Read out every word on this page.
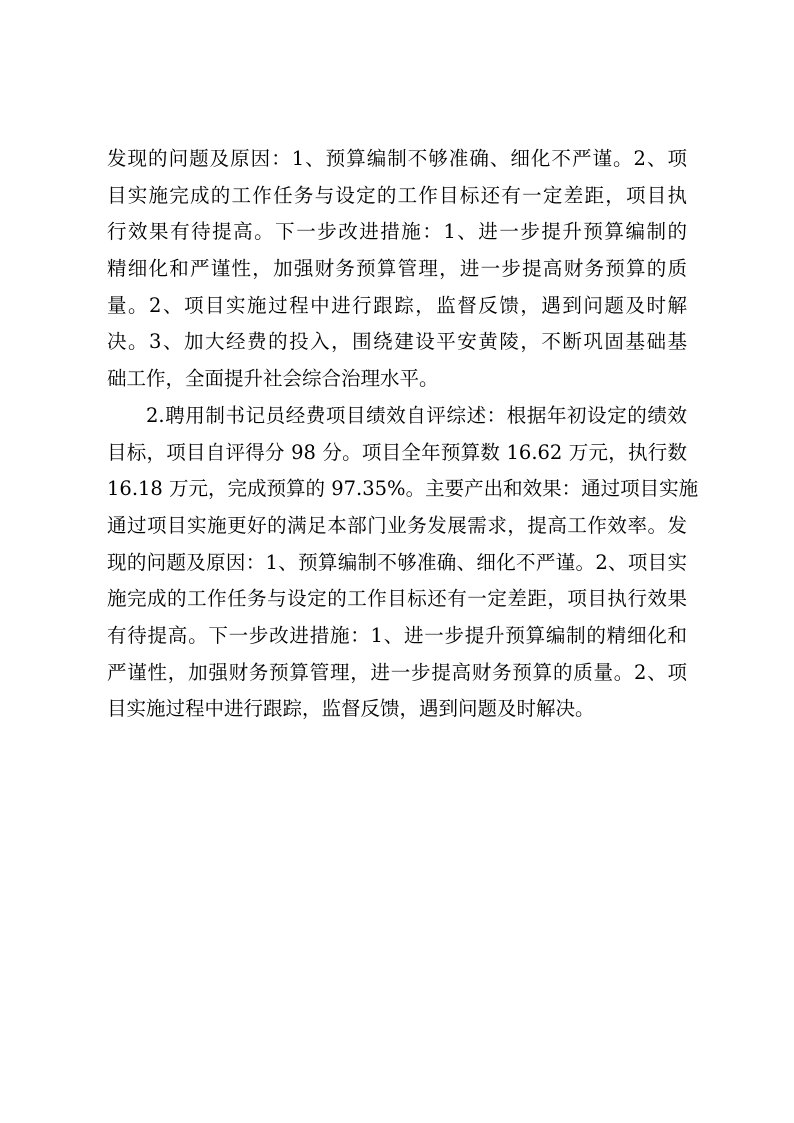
发现的问题及原因：1、预算编制不够准确、细化不严谨。2、项
目实施完成的工作任务与设定的工作目标还有一定差距，项目执
行效果有待提高。下一步改进措施：1、进一步提升预算编制的
精细化和严谨性，加强财务预算管理，进一步提高财务预算的质
量。2、项目实施过程中进行跟踪，监督反馈，遇到问题及时解
决。3、加大经费的投入，围绕建设平安黄陵，不断巩固基础基
础工作，全面提升社会综合治理水平。
2.聘用制书记员经费项目绩效自评综述：根据年初设定的绩效
目标，项目自评得分 98 分。项目全年预算数 16.62 万元，执行数
16.18 万元，完成预算的 97.35%。主要产出和效果：通过项目实施
通过项目实施更好的满足本部门业务发展需求，提高工作效率。发
现的问题及原因：1、预算编制不够准确、细化不严谨。2、项目实
施完成的工作任务与设定的工作目标还有一定差距，项目执行效果
有待提高。下一步改进措施：1、进一步提升预算编制的精细化和
严谨性，加强财务预算管理，进一步提高财务预算的质量。2、项
目实施过程中进行跟踪，监督反馈，遇到问题及时解决。
